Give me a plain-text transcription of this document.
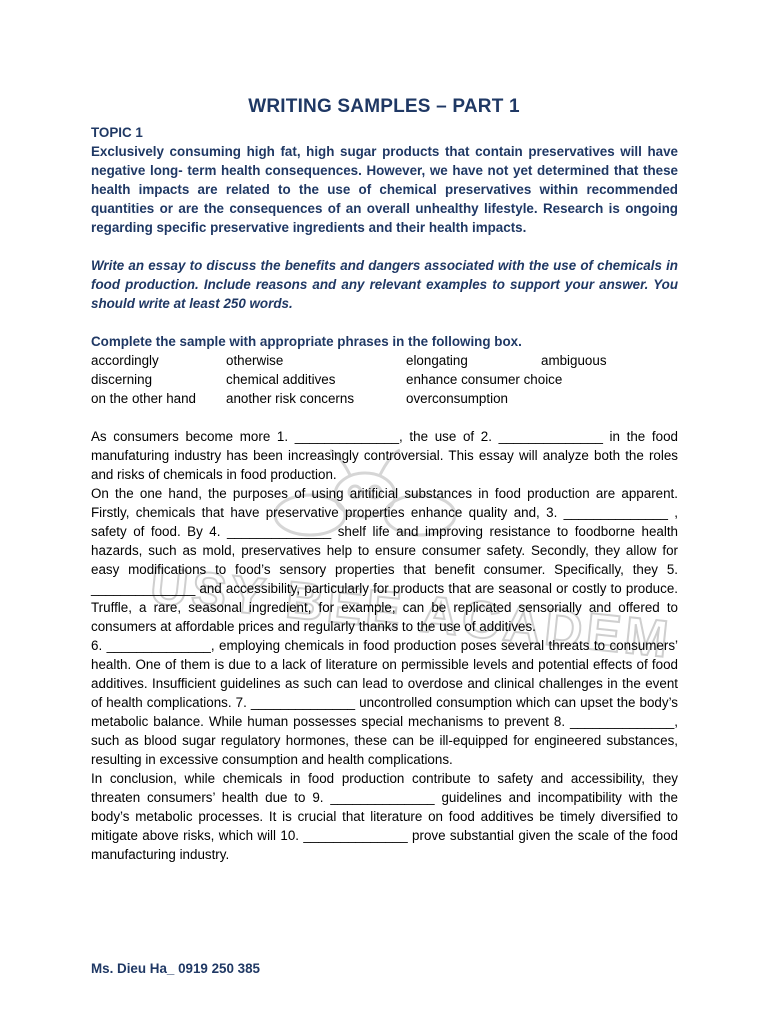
BUSY BEE ACADEMY
WRITING SAMPLES – PART 1
TOPIC 1
Exclusively consuming high fat, high sugar products that contain preservatives will have negative long- term health consequences. However, we have not yet determined that these health impacts are related to the use of chemical preservatives within recommended quantities or are the consequences of an overall unhealthy lifestyle. Research is ongoing regarding specific preservative ingredients and their health impacts.
Write an essay to discuss the benefits and dangers associated with the use of chemicals in food production. Include reasons and any relevant examples to support your answer. You should write at least 250 words.
Complete the sample with appropriate phrases in the following box.
accordingly	otherwise	elongating	ambiguous
discerning	chemical additives	enhance consumer choice
on the other hand	another risk concerns	overconsumption

As consumers become more 1. ______________, the use of 2. ______________ in the food manufaturing industry has been increasingly controversial. This essay will analyze both the roles and risks of chemicals in food production.

On the one hand, the purposes of using aritificial substances in food production are apparent. Firstly, chemicals that have preservative properties enhance quality and, 3. ______________ , safety of food. By 4. ______________ shelf life and improving resistance to foodborne health hazards, such as mold, preservatives help to ensure consumer safety. Secondly, they allow for easy modifications to food’s sensory properties that benefit consumer. Specifically, they 5. ______________ and accessibility, particularly for products that are seasonal or costly to produce. Truffle, a rare, seasonal ingredient, for example, can be replicated sensorially and offered to consumers at affordable prices and regularly thanks to the use of additives.

6. ______________, employing chemicals in food production poses several threats to consumers’ health. One of them is due to a lack of literature on permissible levels and potential effects of food additives. Insufficient guidelines as such can lead to overdose and clinical challenges in the event of health complications. 7. ______________ uncontrolled consumption which can upset the body’s metabolic balance. While human possesses special mechanisms to prevent 8. ______________, such as blood sugar regulatory hormones, these can be ill-equipped for engineered substances, resulting in excessive consumption and health complications.

In conclusion, while chemicals in food production contribute to safety and accessibility, they threaten consumers’ health due to 9. ______________ guidelines and incompatibility with the body’s metabolic processes. It is crucial that literature on food additives be timely diversified to mitigate above risks, which will 10. ______________ prove substantial given the scale of the food manufacturing industry.

Ms. Dieu Ha_ 0919 250 385
